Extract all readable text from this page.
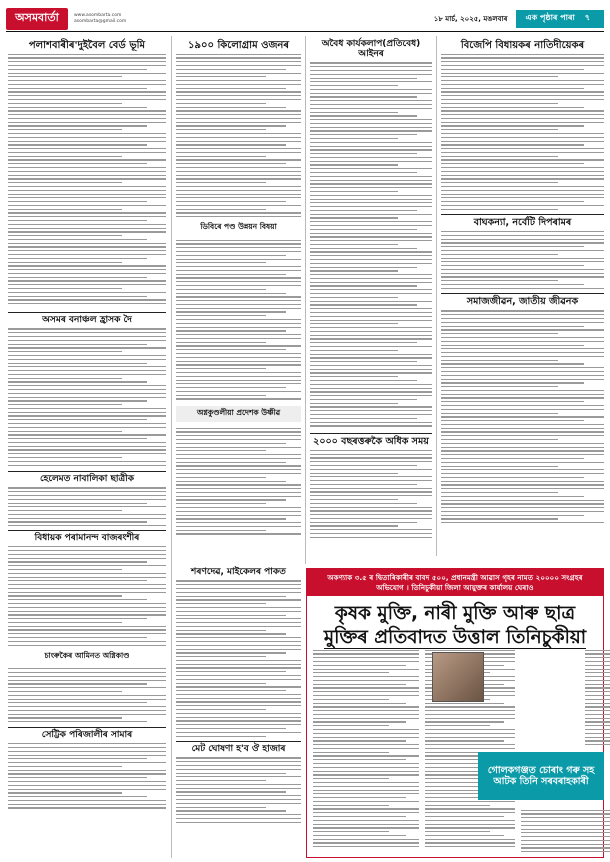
অসমবাৰ্তা	www.asombarta.com
asombarta@gmail.com	১৮ মাৰ্চ, ২০২৫, মঙলবাৰ এক পৃষ্ঠাৰ পাৰা ৭
পলাশবাৰীৰ'দুইবৈল বেৰ্ড ভূমি
অসমৰ বনাঞ্চল হ্ৰাসক দৈ
হেলেমত নাবালিকা ছাত্ৰীক
বিধায়ক পৰামানন্দ বাজৰংশীৰ
চাংৰুকৈৰ আমিনত অগ্নিকাণ্ড
সেট্টিক পৰিজালীৰ সামাৰ
১৯০০ কিলোগ্ৰাম ওজনৰ
ডিবিৰে পণ্ড উন্নয়ন বিষয়া
অগ্নকুণ্ডলীয়া প্ৰদেশক উষ্ণীৱ
অবৈধ কাৰ্যকলাপ(প্ৰতিবেধ) আইনৰ
২০০০ বছৰত্তৰুকৈ অধিক সময়
বিজেপি বিধায়কৰ নাতিদীয়েকৰ
বাঘকন্যা, নৰ্বেটি দিপৰামৰ
সমাজজীৱন, জাতীয় জীৱনক
অকণ্যাক ৩.৫ ৰ দ্বিতাৰিকাৰীৰ বাবদ ৫০০, প্ৰধানমন্ত্ৰী আৱাস গৃহৰ নামত ২০০০০ সংগ্ৰহৰ অভিযোগ । তিনিচুকীয়া জিলা আয়ুক্তৰ কাৰ্যালয় ঘেৰাও
কৃষক মুক্তি, নাৰী মুক্তি আৰু ছাত্ৰ
মুক্তিৰ প্ৰতিবাদত উত্তাল তিনিচুকীয়া
গোলকগঞ্জত চোৰাং গৰু সহ আটক তিনি সৰবৰাহকাৰী
শৰণদেৱ, মাইকেলৰ পাকত
মেট ঘোষণা হ'ব ঔ হাজাৰ
